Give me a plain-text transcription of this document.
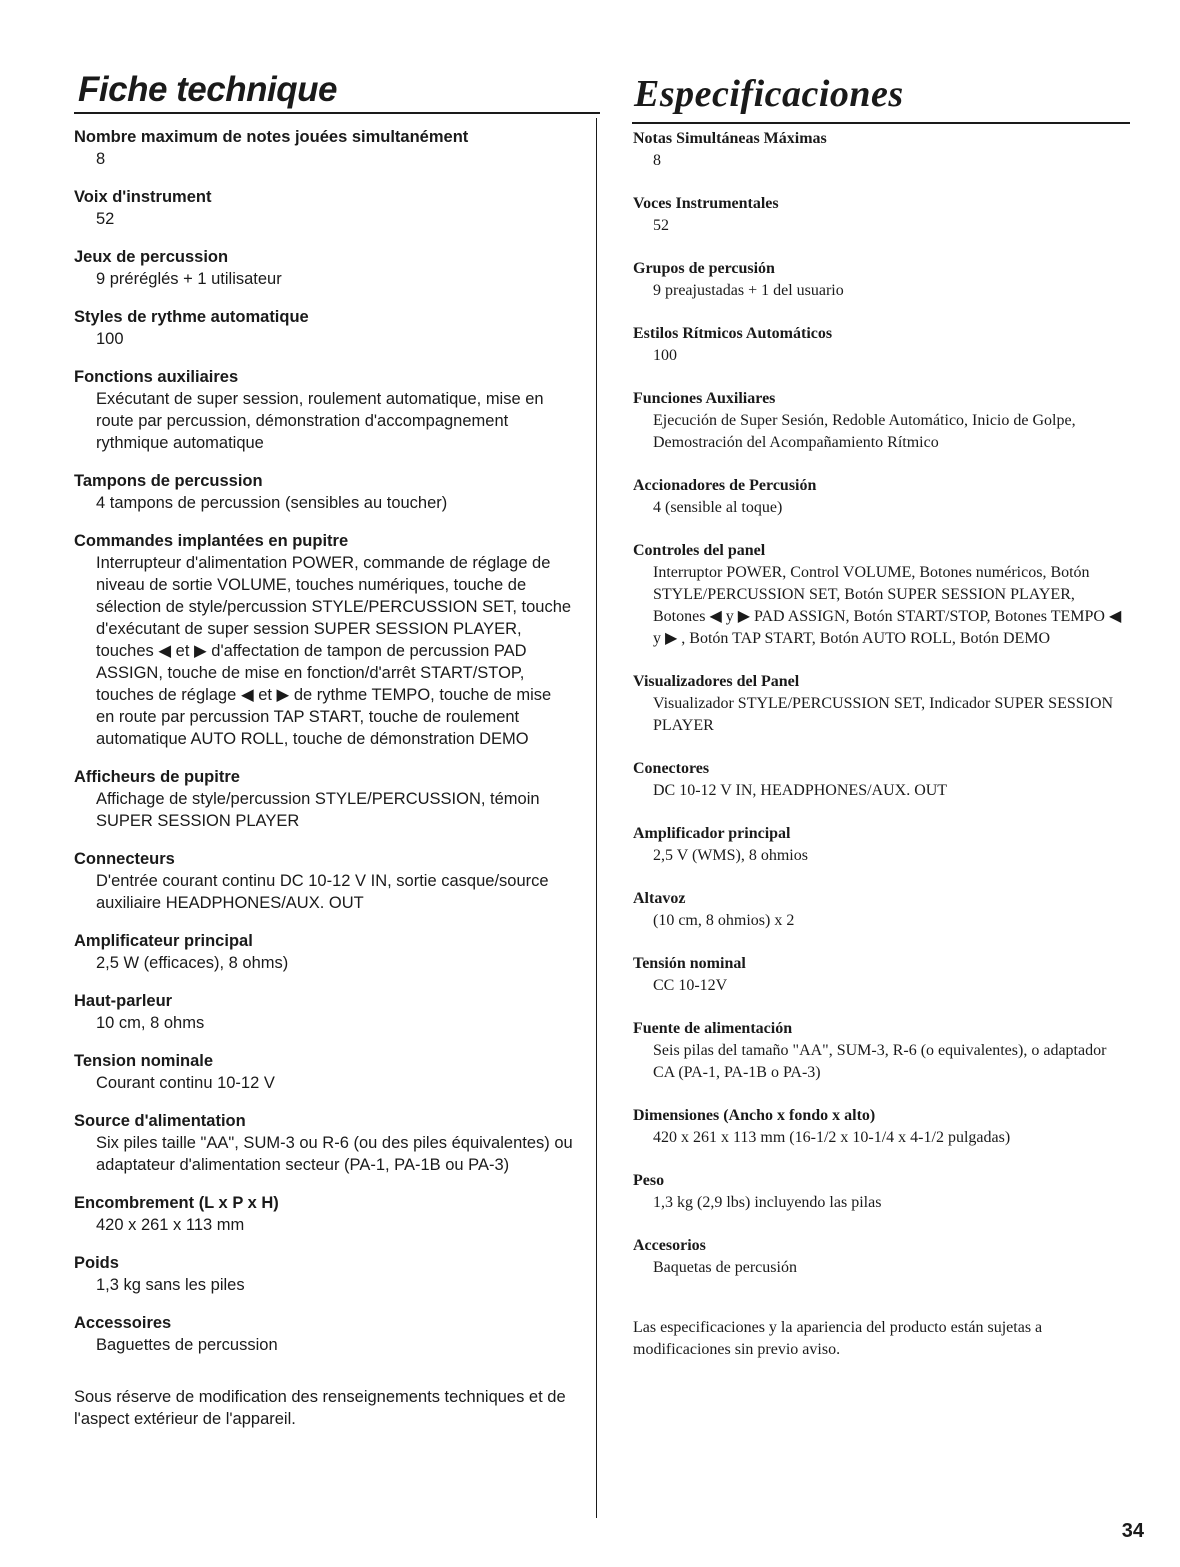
Fiche technique	Especificaciones
Nombre maximum de notes jouées simultanément
8
Voix d'instrument
52
Jeux de percussion
9 préréglés + 1 utilisateur
Styles de rythme automatique
100
Fonctions auxiliaires
Exécutant de super session, roulement automatique, mise en route par percussion, démonstration d'accompagnement rythmique automatique
Tampons de percussion
4 tampons de percussion (sensibles au toucher)
Commandes implantées en pupitre
Interrupteur d'alimentation POWER, commande de réglage de niveau de sortie VOLUME, touches numériques, touche de sélection de style/percussion STYLE/PERCUSSION SET, touche d'exécutant de super session SUPER SESSION PLAYER, touches ◀ et ▶ d'affectation de tampon de percussion PAD ASSIGN, touche de mise en fonction/d'arrêt START/STOP, touches de réglage ◀ et ▶ de rythme TEMPO, touche de mise en route par percussion TAP START, touche de roulement automatique AUTO ROLL, touche de démonstration DEMO
Afficheurs de pupitre
Affichage de style/percussion STYLE/PERCUSSION, témoin SUPER SESSION PLAYER
Connecteurs
D'entrée courant continu DC 10-12 V IN, sortie casque/source auxiliaire HEADPHONES/AUX. OUT
Amplificateur principal
2,5 W (efficaces), 8 ohms)
Haut-parleur
10 cm, 8 ohms
Tension nominale
Courant continu 10-12 V
Source d'alimentation
Six piles taille "AA", SUM-3 ou R-6 (ou des piles équivalentes) ou adaptateur d'alimentation secteur (PA-1, PA-1B ou PA-3)
Encombrement (L x P x H)
420 x 261 x 113 mm
Poids
1,3 kg sans les piles
Accessoires
Baguettes de percussion
Sous réserve de modification des renseignements techniques et de l'aspect extérieur de l'appareil.
Notas Simultáneas Máximas
8
Voces Instrumentales
52
Grupos de percusión
9 preajustadas + 1 del usuario
Estilos Rítmicos Automáticos
100
Funciones Auxiliares
Ejecución de Super Sesión, Redoble Automático, Inicio de Golpe, Demostración del Acompañamiento Rítmico
Accionadores de Percusión
4 (sensible al toque)
Controles del panel
Interruptor POWER, Control VOLUME, Botones numéricos, Botón STYLE/PERCUSSION SET, Botón SUPER SESSION PLAYER, Botones ◀ y ▶ PAD ASSIGN, Botón START/STOP, Botones TEMPO ◀ y ▶ , Botón TAP START, Botón AUTO ROLL, Botón DEMO
Visualizadores del Panel
Visualizador STYLE/PERCUSSION SET, Indicador SUPER SESSION PLAYER
Conectores
DC 10-12 V IN, HEADPHONES/AUX. OUT
Amplificador principal
2,5 V (WMS), 8 ohmios
Altavoz
(10 cm, 8 ohmios) x 2
Tensión nominal
CC 10-12V
Fuente de alimentación
Seis pilas del tamaño "AA", SUM-3, R-6 (o equivalentes), o adaptador CA (PA-1, PA-1B o PA-3)
Dimensiones (Ancho x fondo x alto)
420 x 261 x 113 mm (16-1/2 x 10-1/4 x 4-1/2 pulgadas)
Peso
1,3 kg (2,9 lbs) incluyendo las pilas
Accesorios
Baquetas de percusión
Las especificaciones y la apariencia del producto están sujetas a modificaciones sin previo aviso.
34
